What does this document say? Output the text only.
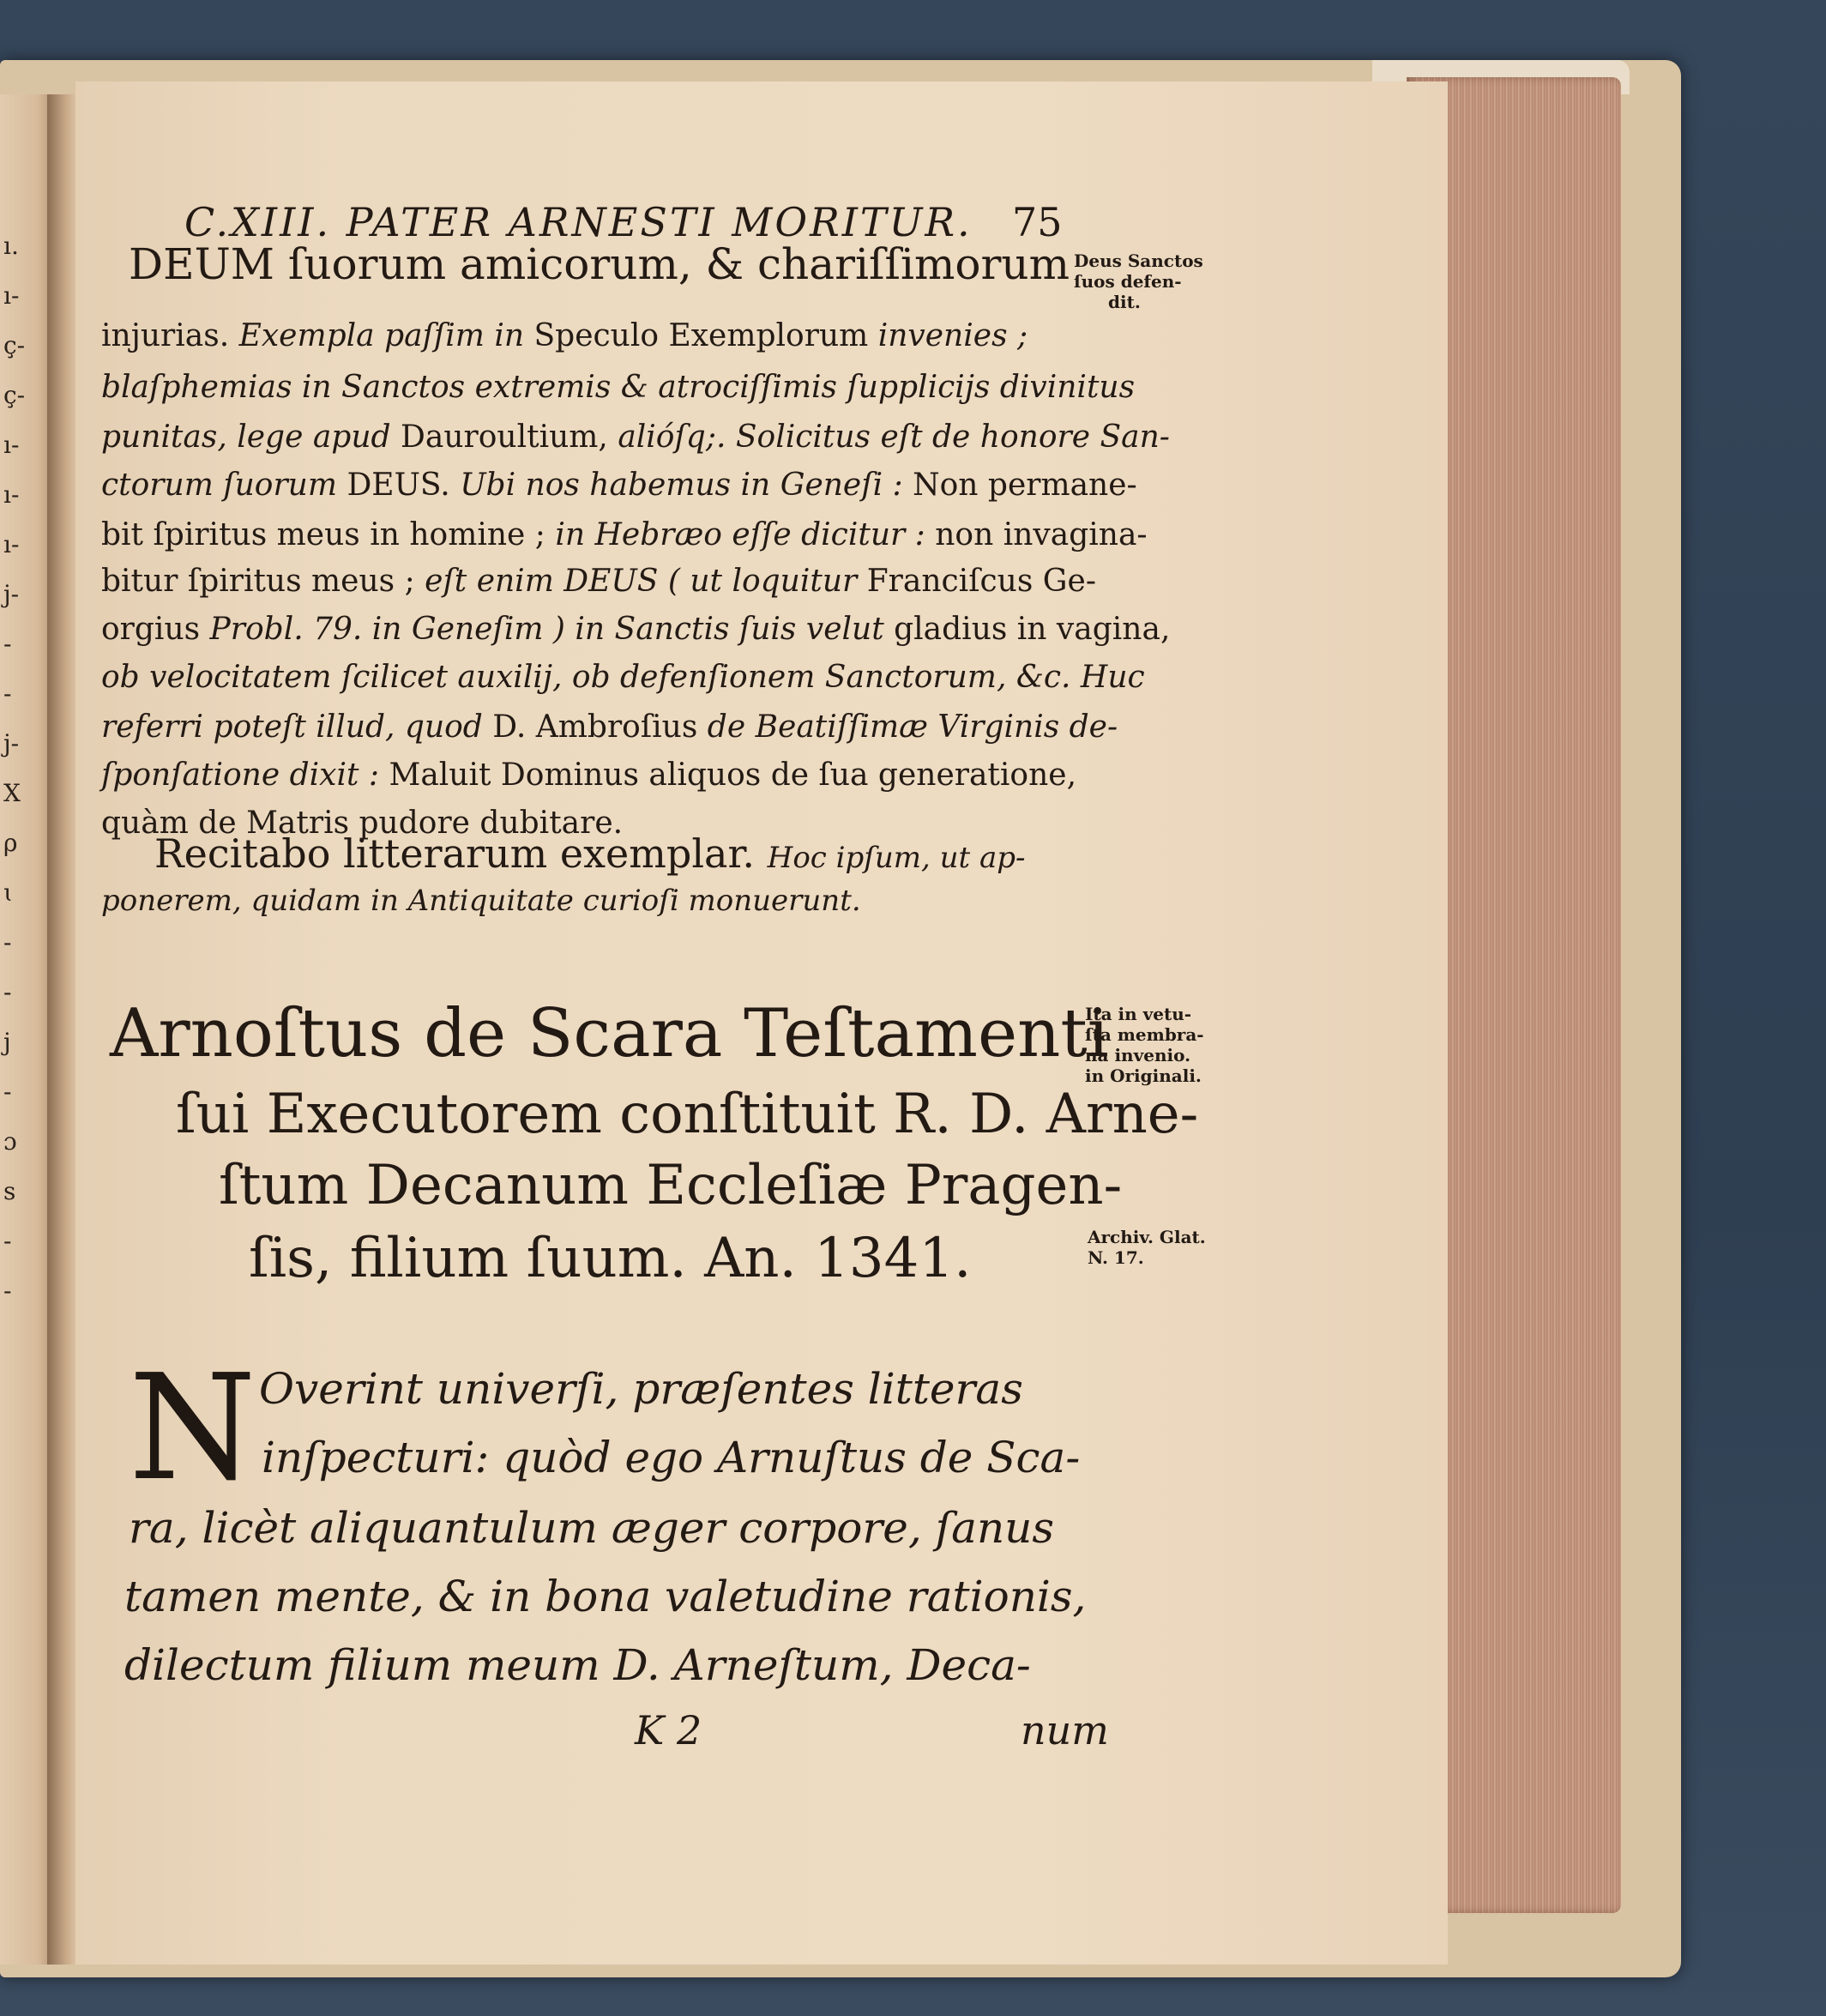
ı.
ı-
ç-
ç-
ı-
ı-
ı-
j-
-
-
j-
X
ρ
ɩ
-
-
j
-
ɔ
s
-
-
C.XIII. PATER ARNESTI MORITUR. 75
DEUM ſuorum amicorum, & chariſſimorum
injurias. Exempla paſſim in Speculo Exemplorum invenies ;
blaſphemias in Sanctos extremis & atrociſſimis ſupplicijs divinitus
punitas, lege apud Dauroultium, alióſq;. Solicitus eſt de honore San-
ctorum ſuorum DEUS. Ubi nos habemus in Geneſi : Non permane-
bit ſpiritus meus in homine ; in Hebræo eſſe dicitur : non invagina-
bitur ſpiritus meus ; eſt enim DEUS ( ut loquitur Franciſcus Ge-
orgius Probl. 79. in Geneſim ) in Sanctis ſuis velut gladius in vagina,
ob velocitatem ſcilicet auxilij, ob defenſionem Sanctorum, &c. Huc
referri poteſt illud, quod D. Ambroſius de Beatiſſimæ Virginis de-
ſponſatione dixit : Maluit Dominus aliquos de ſua generatione,
quàm de Matris pudore dubitare.
Recitabo litterarum exemplar. Hoc ipſum, ut ap-
ponerem, quidam in Antiquitate curioſi monuerunt.
Arnoſtus de Scara Teſtamenti
ſui Executorem conſtituit R. D. Arne-
ſtum Decanum Eccleſiæ Pragen-
ſis, filium ſuum. An. 1341.
N Overint univerſi, præſentes litteras
inſpecturi: quòd ego Arnuſtus de Sca-
ra, licèt aliquantulum æger corpore, ſanus
tamen mente, & in bona valetudine rationis,
dilectum filium meum D. Arneſtum, Deca-
K 2	num
Deus Sanctos
ſuos defen-
dit.
Ita in vetu-
ſta membra-
na invenio.
in Originali.
Archiv. Glat.
N. 17.
